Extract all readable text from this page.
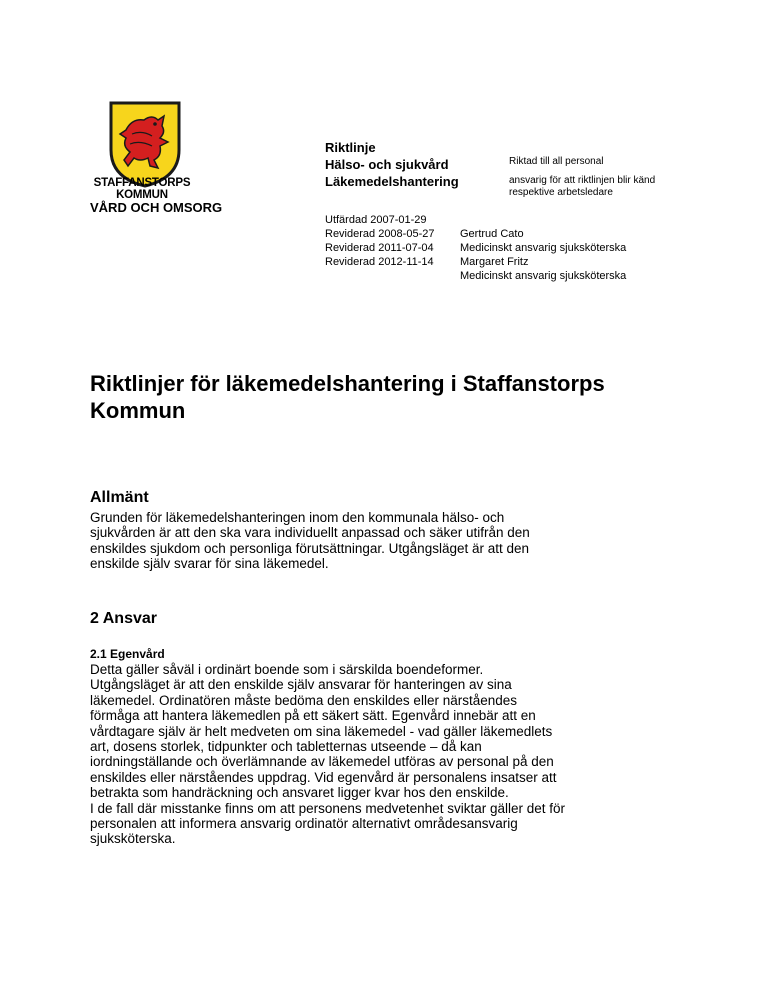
STAFFANSTORPS
KOMMUN
VÅRD OCH OMSORG
Riktlinje
Hälso- och sjukvård
Läkemedelshantering
Riktad till all personal
ansvarig för att riktlinjen blir känd
respektive arbetsledare
Utfärdad 2007-01-29
Reviderad 2008-05-27	Gertrud Cato
Reviderad 2011-07-04	Medicinskt ansvarig sjuksköterska
Reviderad 2012-11-14	Margaret Fritz
Medicinskt ansvarig sjuksköterska
Riktlinjer för läkemedelshantering i Staffanstorps
Kommun
Allmänt
Grunden för läkemedelshanteringen inom den kommunala hälso- och
sjukvården är att den ska vara individuellt anpassad och säker utifrån den
enskildes sjukdom och personliga förutsättningar. Utgångsläget är att den
enskilde själv svarar för sina läkemedel.
2 Ansvar
2.1 Egenvård
Detta gäller såväl i ordinärt boende som i särskilda boendeformer.
Utgångsläget är att den enskilde själv ansvarar för hanteringen av sina
läkemedel. Ordinatören måste bedöma den enskildes eller närståendes
förmåga att hantera läkemedlen på ett säkert sätt. Egenvård innebär att en
vårdtagare själv är helt medveten om sina läkemedel - vad gäller läkemedlets
art, dosens storlek, tidpunkter och tabletternas utseende – då kan
iordningställande och överlämnande av läkemedel utföras av personal på den
enskildes eller närståendes uppdrag. Vid egenvård är personalens insatser att
betrakta som handräckning och ansvaret ligger kvar hos den enskilde.
I de fall där misstanke finns om att personens medvetenhet sviktar gäller det för
personalen att informera ansvarig ordinatör alternativt områdesansvarig
sjuksköterska.
